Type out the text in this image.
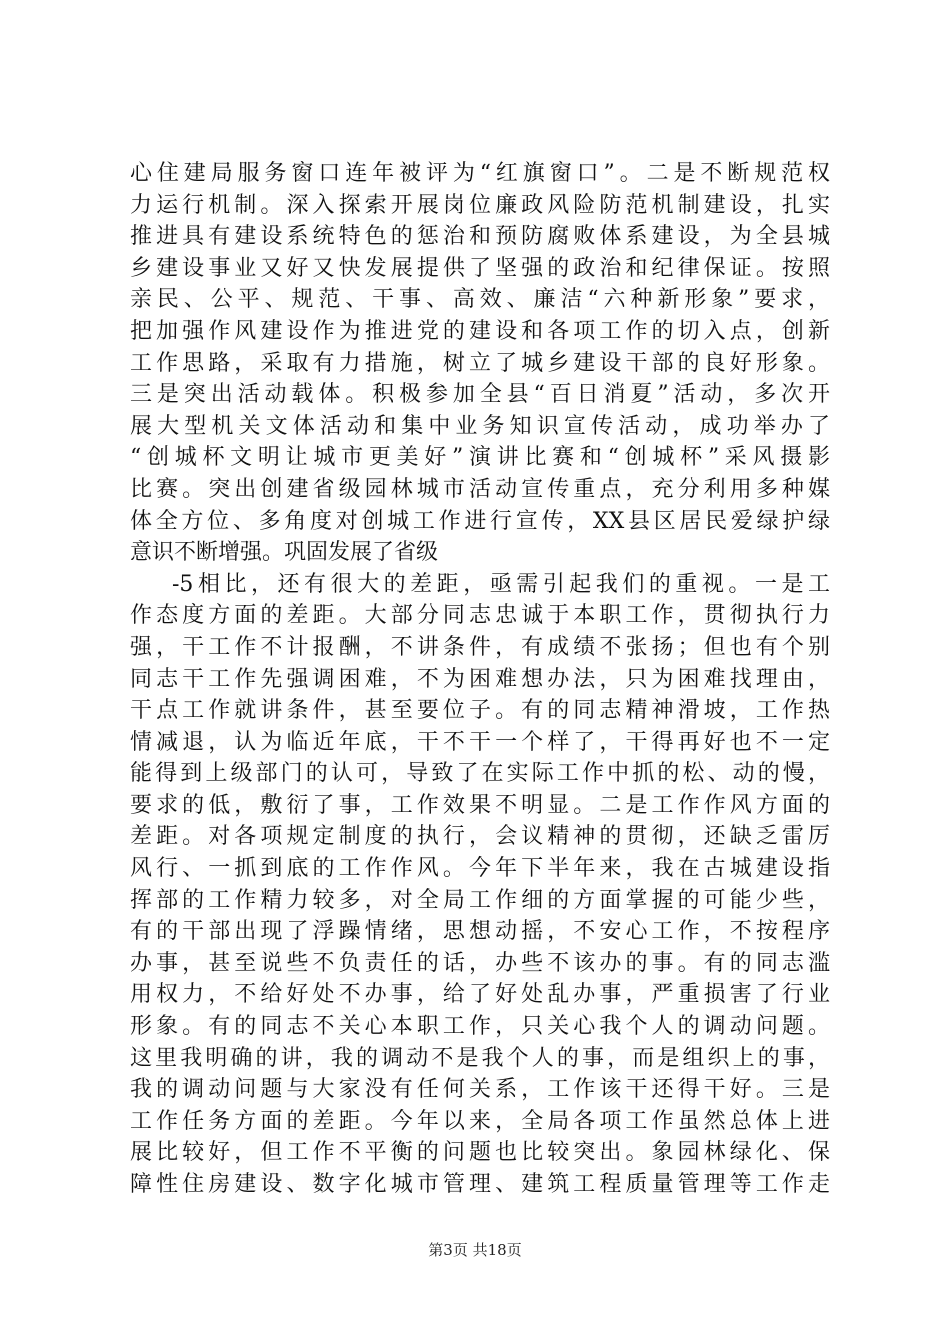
心住建局服务窗口连年被评为“红旗窗口”。二是不断规范权
力运行机制。深入探索开展岗位廉政风险防范机制建设，扎实
推进具有建设系统特色的惩治和预防腐败体系建设，为全县城
乡建设事业又好又快发展提供了坚强的政治和纪律保证。按照
亲民、公平、规范、干事、高效、廉洁“六种新形象”要求，
把加强作风建设作为推进党的建设和各项工作的切入点，创新
工作思路，采取有力措施，树立了城乡建设干部的良好形象。
三是突出活动载体。积极参加全县“百日消夏”活动，多次开
展大型机关文体活动和集中业务知识宣传活动，成功举办了
“创城杯文明让城市更美好”演讲比赛和“创城杯”采风摄影
比赛。突出创建省级园林城市活动宣传重点，充分利用多种媒
体全方位、多角度对创城工作进行宣传，XX县区居民爱绿护绿
意识不断增强。巩固发展了省级
-5相比，还有很大的差距，亟需引起我们的重视。一是工
作态度方面的差距。大部分同志忠诚于本职工作，贯彻执行力
强，干工作不计报酬，不讲条件，有成绩不张扬；但也有个别
同志干工作先强调困难，不为困难想办法，只为困难找理由，
干点工作就讲条件，甚至要位子。有的同志精神滑坡，工作热
情减退，认为临近年底，干不干一个样了，干得再好也不一定
能得到上级部门的认可，导致了在实际工作中抓的松、动的慢，
要求的低，敷衍了事，工作效果不明显。二是工作作风方面的
差距。对各项规定制度的执行，会议精神的贯彻，还缺乏雷厉
风行、一抓到底的工作作风。今年下半年来，我在古城建设指
挥部的工作精力较多，对全局工作细的方面掌握的可能少些，
有的干部出现了浮躁情绪，思想动摇，不安心工作，不按程序
办事，甚至说些不负责任的话，办些不该办的事。有的同志滥
用权力，不给好处不办事，给了好处乱办事，严重损害了行业
形象。有的同志不关心本职工作，只关心我个人的调动问题。
这里我明确的讲，我的调动不是我个人的事，而是组织上的事，
我的调动问题与大家没有任何关系，工作该干还得干好。三是
工作任务方面的差距。今年以来，全局各项工作虽然总体上进
展比较好，但工作不平衡的问题也比较突出。象园林绿化、保
障性住房建设、数字化城市管理、建筑工程质量管理等工作走
第3页 共18页
